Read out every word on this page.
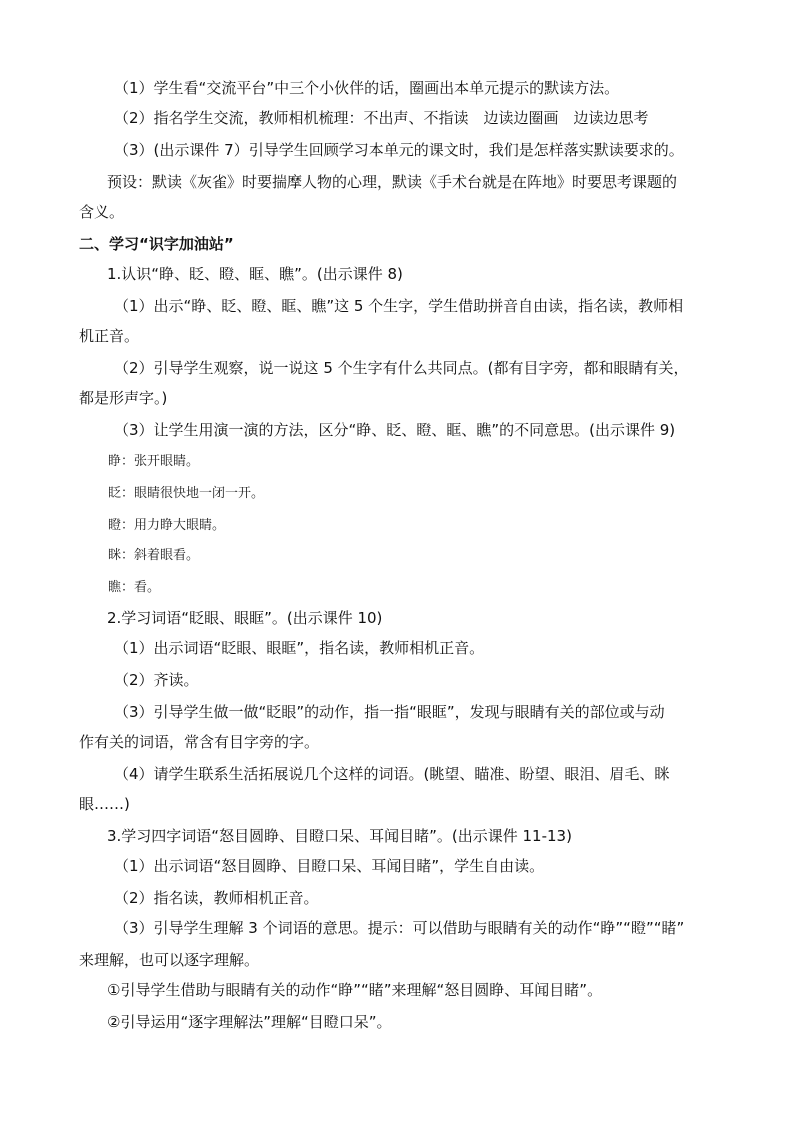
（1）学生看“交流平台”中三个小伙伴的话，圈画出本单元提示的默读方法。
（2）指名学生交流，教师相机梳理：不出声、不指读　边读边圈画　边读边思考
（3）(出示课件 7）引导学生回顾学习本单元的课文时，我们是怎样落实默读要求的。
预设：默读《灰雀》时要揣摩人物的心理，默读《手术台就是在阵地》时要思考课题的
含义。
二、学习“识字加油站”
1.认识“睁、眨、瞪、眶、瞧”。(出示课件 8)
（1）出示“睁、眨、瞪、眶、瞧”这 5 个生字，学生借助拼音自由读，指名读，教师相
机正音。
（2）引导学生观察，说一说这 5 个生字有什么共同点。(都有目字旁，都和眼睛有关，
都是形声字。)
（3）让学生用演一演的方法，区分“睁、眨、瞪、眶、瞧”的不同意思。(出示课件 9)
睁：张开眼睛。
眨：眼睛很快地一闭一开。
瞪：用力睁大眼睛。
眯：斜着眼看。
瞧：看。
2.学习词语“眨眼、眼眶”。(出示课件 10)
（1）出示词语“眨眼、眼眶”，指名读，教师相机正音。
（2）齐读。
（3）引导学生做一做“眨眼”的动作，指一指“眼眶”，发现与眼睛有关的部位或与动
作有关的词语，常含有目字旁的字。
（4）请学生联系生活拓展说几个这样的词语。(眺望、瞄准、盼望、眼泪、眉毛、眯
眼……)
3.学习四字词语“怒目圆睁、目瞪口呆、耳闻目睹”。(出示课件 11-13)
（1）出示词语“怒目圆睁、目瞪口呆、耳闻目睹”，学生自由读。
（2）指名读，教师相机正音。
（3）引导学生理解 3 个词语的意思。提示：可以借助与眼睛有关的动作“睁”“瞪”“睹”
来理解，也可以逐字理解。
①引导学生借助与眼睛有关的动作“睁”“睹”来理解“怒目圆睁、耳闻目睹”。
②引导运用“逐字理解法”理解“目瞪口呆”。
